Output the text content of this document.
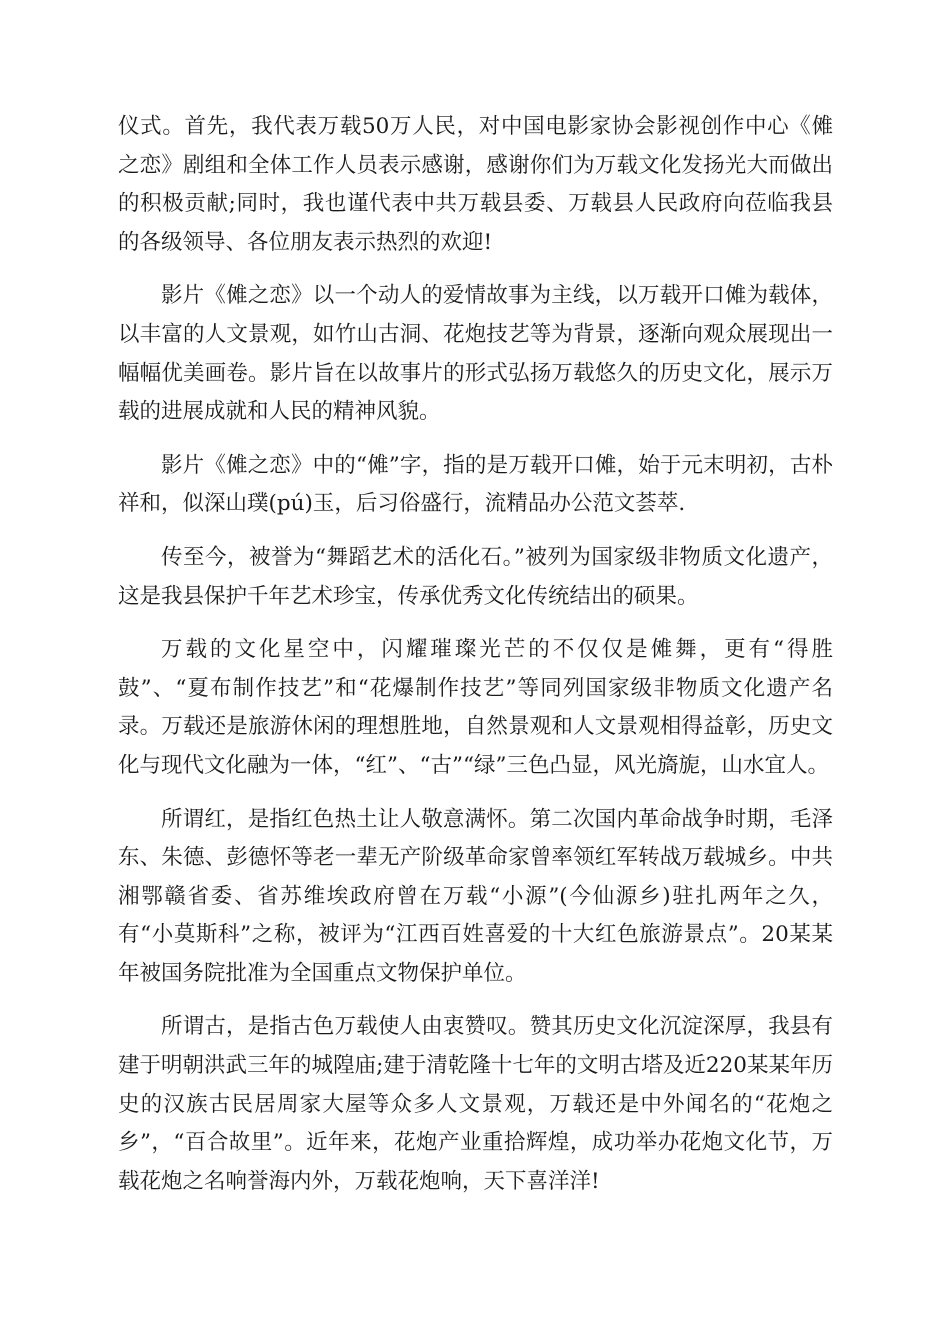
仪式。首先，我代表万载50万人民，对中国电影家协会影视创作中心《傩之恋》剧组和全体工作人员表示感谢，感谢你们为万载文化发扬光大而做出的积极贡献;同时，我也谨代表中共万载县委、万载县人民政府向莅临我县的各级领导、各位朋友表示热烈的欢迎!

影片《傩之恋》以一个动人的爱情故事为主线，以万载开口傩为载体，以丰富的人文景观，如竹山古洞、花炮技艺等为背景，逐渐向观众展现出一幅幅优美画卷。影片旨在以故事片的形式弘扬万载悠久的历史文化，展示万载的进展成就和人民的精神风貌。

影片《傩之恋》中的“傩”字，指的是万载开口傩，始于元末明初，古朴祥和，似深山璞(pú)玉，后习俗盛行，流精品办公范文荟萃.

传至今，被誉为“舞蹈艺术的活化石。”被列为国家级非物质文化遗产，这是我县保护千年艺术珍宝，传承优秀文化传统结出的硕果。

万载的文化星空中，闪耀璀璨光芒的不仅仅是傩舞，更有“得胜鼓”、“夏布制作技艺”和“花爆制作技艺”等同列国家级非物质文化遗产名录。万载还是旅游休闲的理想胜地，自然景观和人文景观相得益彰，历史文化与现代文化融为一体，“红”、“古”“绿”三色凸显，风光旖旎，山水宜人。

所谓红，是指红色热土让人敬意满怀。第二次国内革命战争时期，毛泽东、朱德、彭德怀等老一辈无产阶级革命家曾率领红军转战万载城乡。中共湘鄂赣省委、省苏维埃政府曾在万载“小源”(今仙源乡)驻扎两年之久，有“小莫斯科”之称，被评为“江西百姓喜爱的十大红色旅游景点”。20某某年被国务院批准为全国重点文物保护单位。

所谓古，是指古色万载使人由衷赞叹。赞其历史文化沉淀深厚，我县有建于明朝洪武三年的城隍庙;建于清乾隆十七年的文明古塔及近220某某年历史的汉族古民居周家大屋等众多人文景观，万载还是中外闻名的“花炮之乡”，“百合故里”。近年来，花炮产业重拾辉煌，成功举办花炮文化节，万载花炮之名响誉海内外，万载花炮响，天下喜洋洋!
